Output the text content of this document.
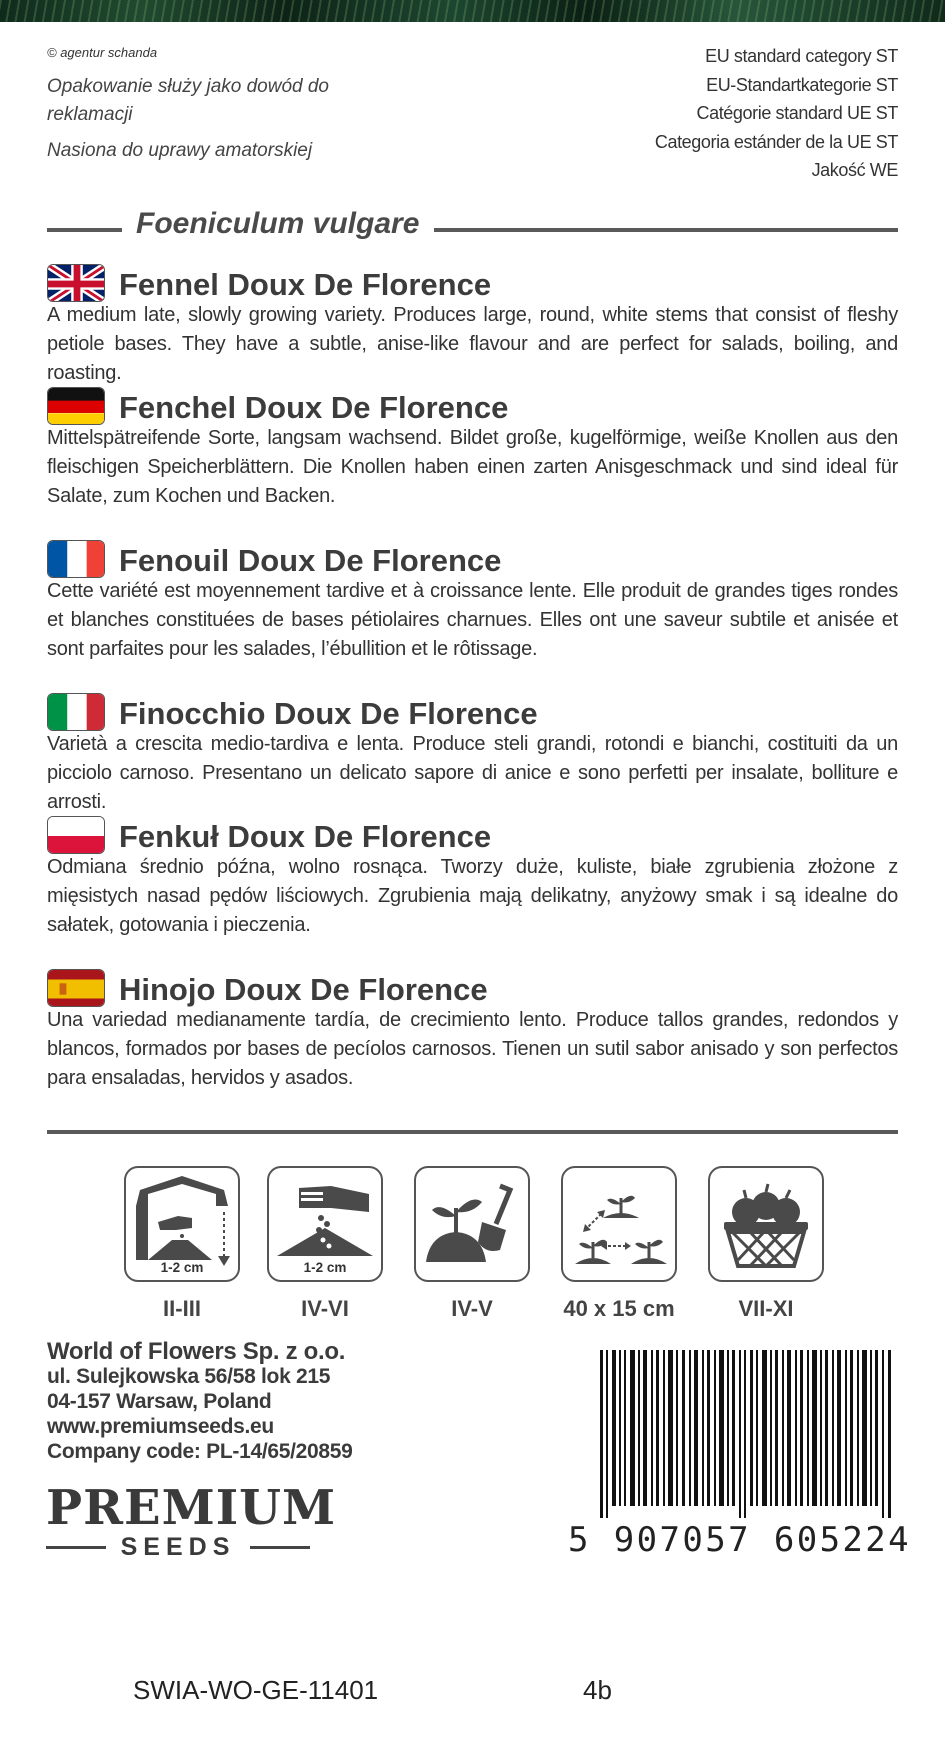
© agentur schanda

Opakowanie służy jako dowód do reklamacji

Nasiona do uprawy amatorskiej

EU standard category ST
EU-Standartkategorie ST
Catégorie standard UE ST
Categoria estánder de la UE ST
Jakość WE
Foeniculum vulgare
Fennel Doux De Florence
A medium late, slowly growing variety. Produces large, round, white stems that consist of fleshy petiole bases. They have a subtle, anise-like flavour and are perfect for salads, boiling, and roasting.
Fenchel Doux De Florence
Mittelspätreifende Sorte, langsam wachsend. Bildet große, kugelförmige, weiße Knollen aus den fleischigen Speicherblättern. Die Knollen haben einen zarten Anisgeschmack und sind ideal für Salate, zum Kochen und Backen.
Fenouil Doux De Florence
Cette variété est moyennement tardive et à croissance lente. Elle produit de grandes tiges rondes et blanches constituées de bases pétiolaires charnues. Elles ont une saveur subtile et anisée et sont parfaites pour les salades, l’ébullition et le rôtissage.
Finocchio Doux De Florence
Varietà a crescita medio-tardiva e lenta. Produce steli grandi, rotondi e bianchi, costituiti da un picciolo carnoso. Presentano un delicato sapore di anice e sono perfetti per insalate, bolliture e arrosti.
Fenkuł Doux De Florence
Odmiana średnio późna, wolno rosnąca. Tworzy duże, kuliste, białe zgrubienia złożone z mięsistych nasad pędów liściowych. Zgrubienia mają delikatny, anyżowy smak i są idealne do sałatek, gotowania i pieczenia.
Hinojo Doux De Florence
Una variedad medianamente tardía, de crecimiento lento. Produce tallos grandes, redondos y blancos, formados por bases de pecíolos carnosos. Tienen un sutil sabor anisado y son perfectos para ensaladas, hervidos y asados.
1-2 cm	1-2 cm
II-III	IV-VI	IV-V	40 x 15 cm	VII-XI
World of Flowers Sp. z o.o.
ul. Sulejkowska 56/58 lok 215
04-157 Warsaw, Poland
www.premiumseeds.eu
Company code: PL-14/65/20859
PREMIUM
SEEDS	5 907057 605224
SWIA-WO-GE-11401	4b
